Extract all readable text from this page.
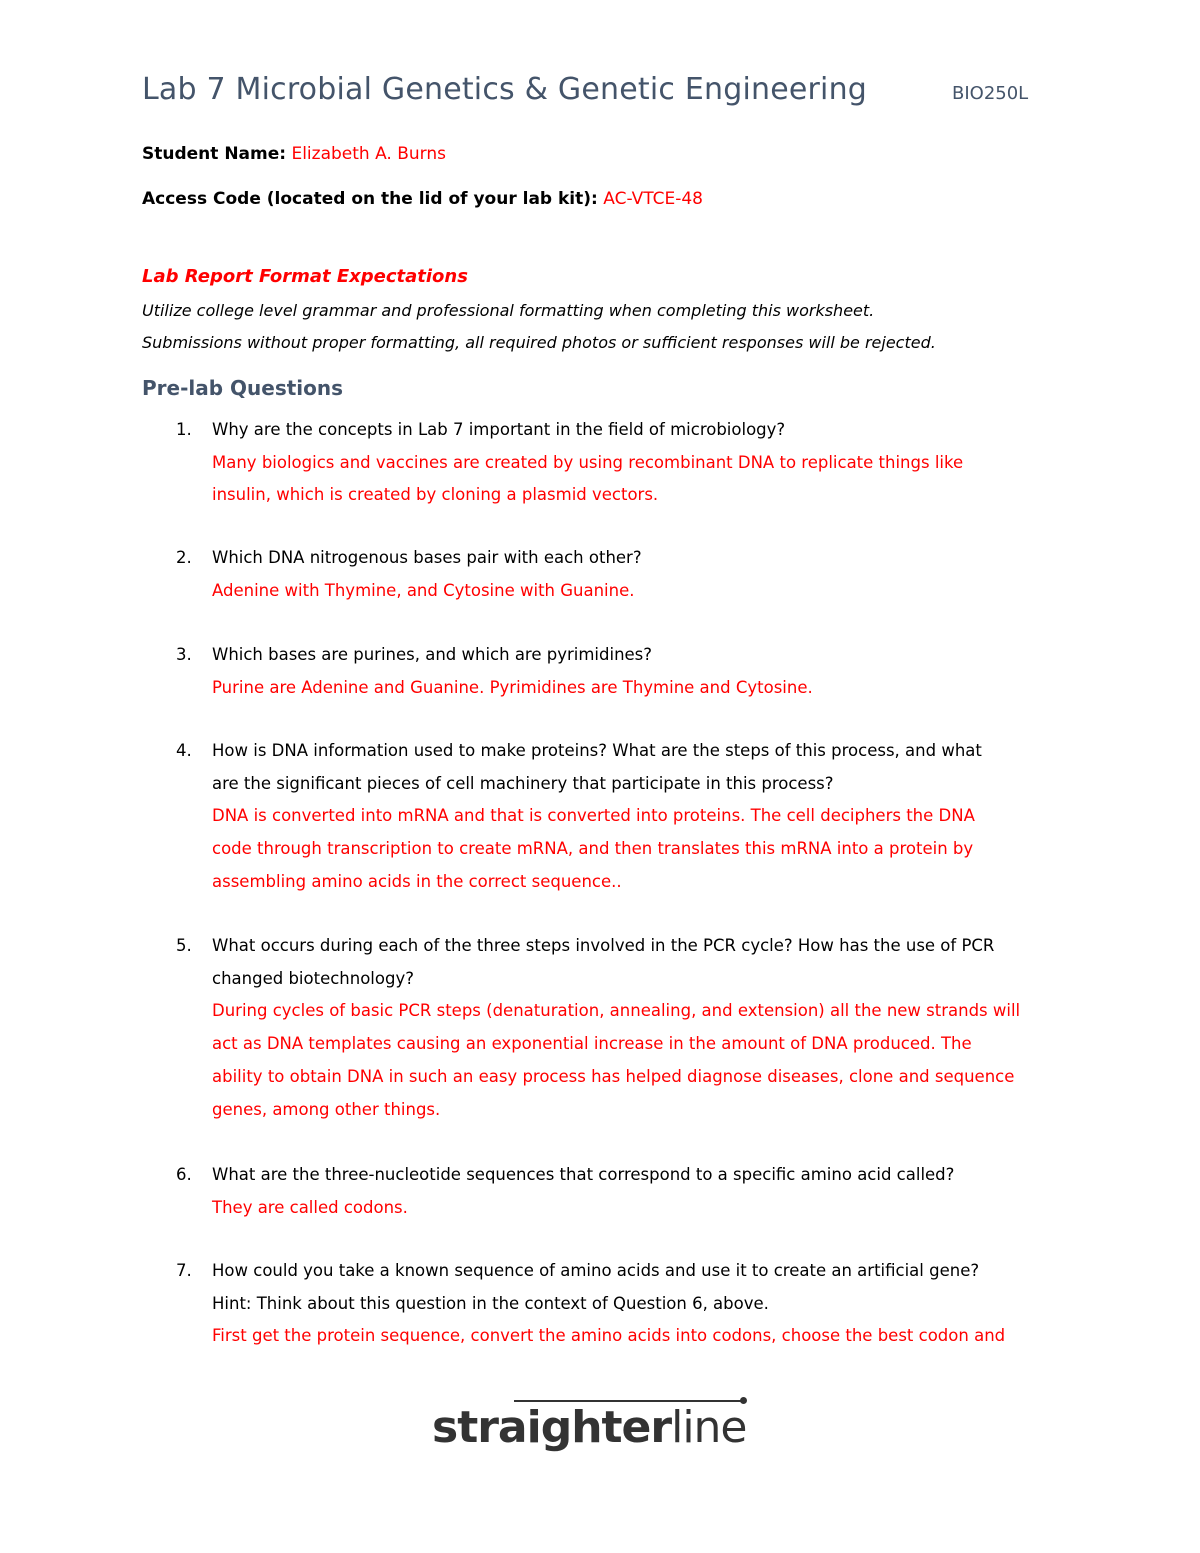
Lab 7 Microbial Genetics & Genetic Engineering	BIO250L
Student Name: Elizabeth A. Burns
Access Code (located on the lid of your lab kit): AC-VTCE-48
Lab Report Format Expectations
Utilize college level grammar and professional formatting when completing this worksheet.
Submissions without proper formatting, all required photos or sufficient responses will be rejected.
Pre-lab Questions
1. Why are the concepts in Lab 7 important in the field of microbiology?
Many biologics and vaccines are created by using recombinant DNA to replicate things like
insulin, which is created by cloning a plasmid vectors.
2. Which DNA nitrogenous bases pair with each other?
Adenine with Thymine, and Cytosine with Guanine.
3. Which bases are purines, and which are pyrimidines?
Purine are Adenine and Guanine. Pyrimidines are Thymine and Cytosine.
4. How is DNA information used to make proteins? What are the steps of this process, and what
are the significant pieces of cell machinery that participate in this process?
DNA is converted into mRNA and that is converted into proteins. The cell deciphers the DNA
code through transcription to create mRNA, and then translates this mRNA into a protein by
assembling amino acids in the correct sequence..
5. What occurs during each of the three steps involved in the PCR cycle? How has the use of PCR
changed biotechnology?
During cycles of basic PCR steps (denaturation, annealing, and extension) all the new strands will
act as DNA templates causing an exponential increase in the amount of DNA produced. The
ability to obtain DNA in such an easy process has helped diagnose diseases, clone and sequence
genes, among other things.
6. What are the three-nucleotide sequences that correspond to a specific amino acid called?
They are called codons.
7. How could you take a known sequence of amino acids and use it to create an artificial gene?
Hint: Think about this question in the context of Question 6, above.
First get the protein sequence, convert the amino acids into codons, choose the best codon and
straighterline
